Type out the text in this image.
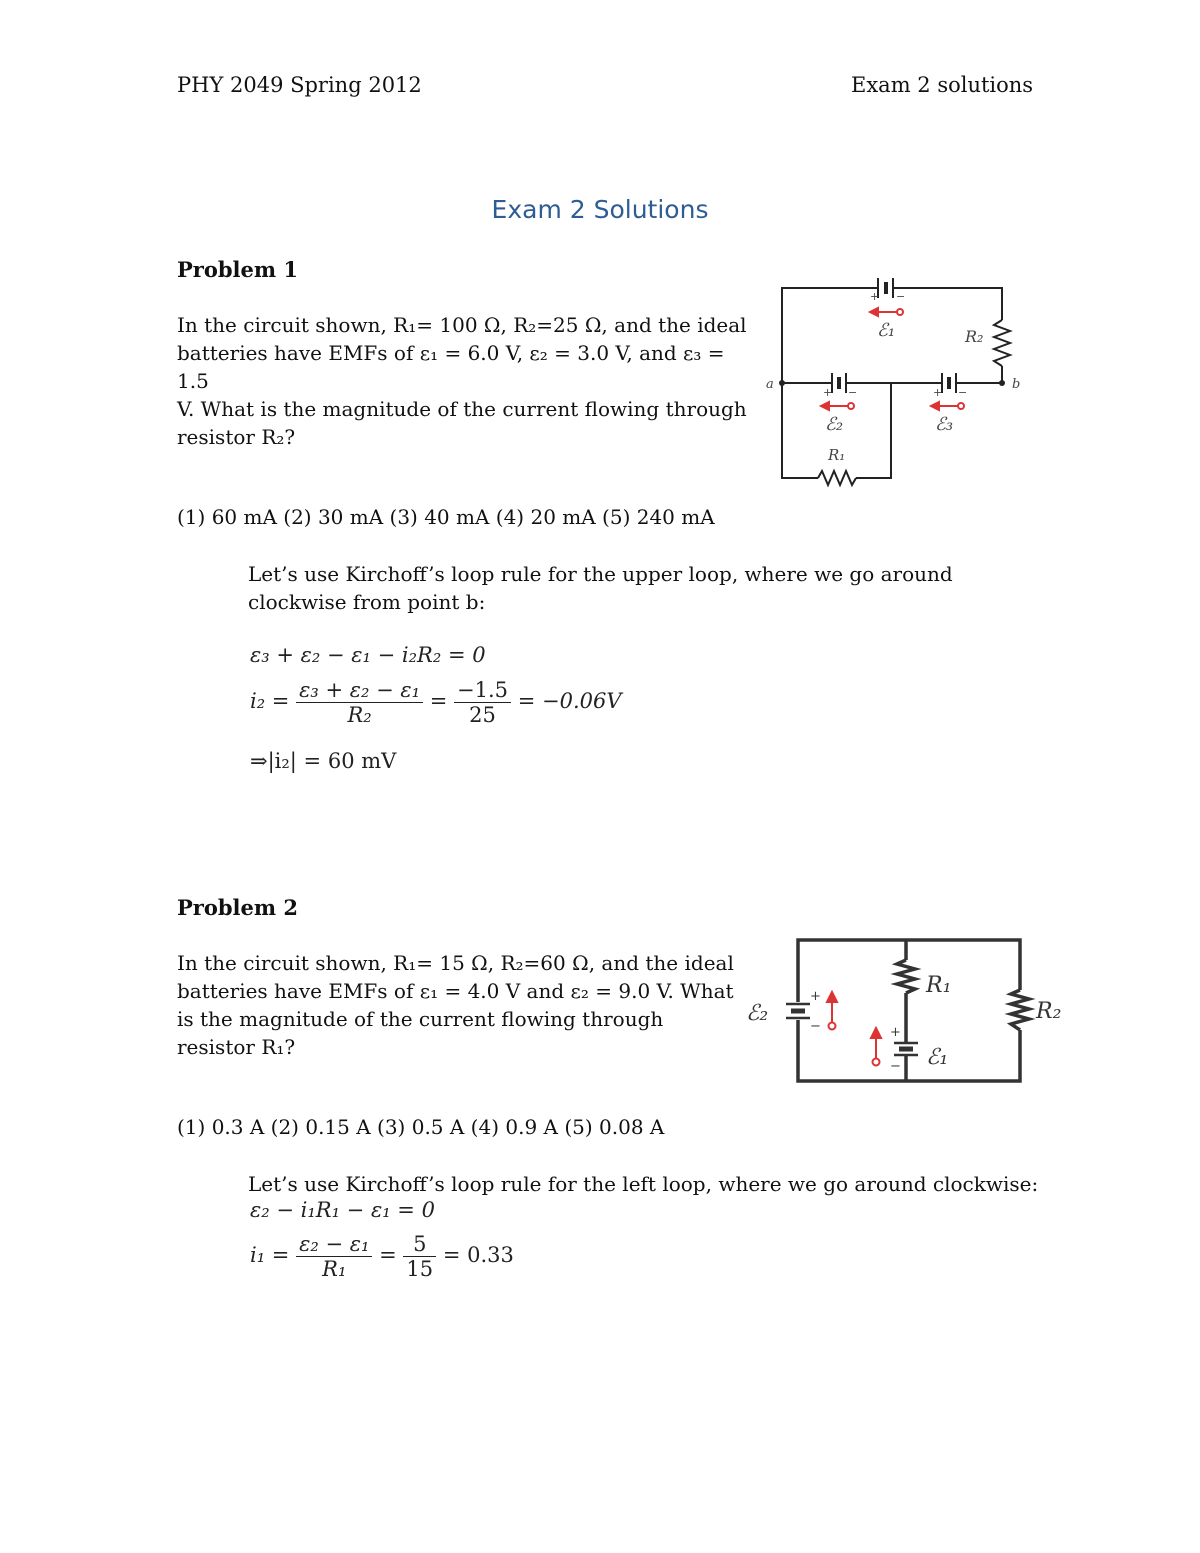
PHY 2049 Spring 2012	Exam 2 solutions
Exam 2 Solutions
Problem 1
In the circuit shown, R₁= 100 Ω, R₂=25 Ω, and the ideal
batteries have EMFs of ε₁ = 6.0 V, ε₂ = 3.0 V, and ε₃ = 1.5
V. What is the magnitude of the current flowing through
resistor R₂?
+ −
ℰ₁	R₂
a	b
+ −	+ −
ℰ₂	ℰ₃
R₁
(1) 60 mA (2) 30 mA (3) 40 mA (4) 20 mA (5) 240 mA
Let’s use Kirchoff’s loop rule for the upper loop, where we go around
clockwise from point b:
ε₃ + ε₂ − ε₁ − i₂R₂ = 0
$i_2 = \frac{\text{ε₃ + ε₂ − ε₁}}{\text{R₂}} = \frac{-1.5}{25} = -0.06V$
⇒|i₂| = 60 mV
Problem 2
In the circuit shown, R₁= 15 Ω, R₂=60 Ω, and the ideal
batteries have EMFs of ε₁ = 4.0 V and ε₂ = 9.0 V. What
is the magnitude of the current flowing through
resistor R₁?
+
−	+
−
ℰ₂
ℰ₁
R₁
R₂
(1) 0.3 A (2) 0.15 A (3) 0.5 A (4) 0.9 A (5) 0.08 A
Let’s use Kirchoff’s loop rule for the left loop, where we go around clockwise:
ε₂ − i₁R₁ − ε₁ = 0
$i_1 = \frac{\text{ε₂ − ε₁}}{\text{R₁}} = \frac{5}{15} = 0.33$
